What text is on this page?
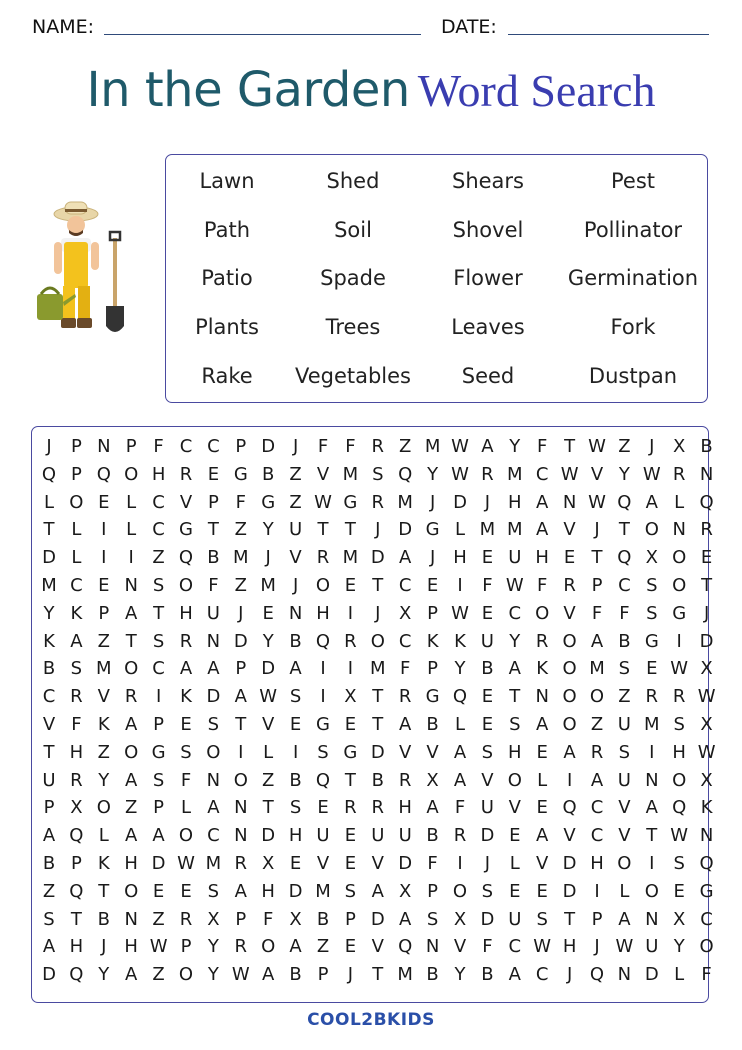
NAME:	DATE:
In the Garden Word Search
Lawn	Shed	Shears	Pest
Path	Soil	Shovel	Pollinator
Patio	Spade	Flower	Germination
Plants	Trees	Leaves	Fork
Rake	Vegetables	Seed	Dustpan
J	P N P F C C P D J	F F R Z M W A Y F T W Z	J	X B
Q P Q O H R E G B Z V M S Q Y W R M C W V Y W R N
L O E L C V P F G Z W G R M J D J H A N W Q A L Q
T L	I	L C G T Z Y U T T	J D G L M M A V	J	T O N R
D L	I	I	Z Q B M J	V R M D A	J H E U H E T Q X O E
M C E N S O F Z M J O E T C E	I	F W F R P C S O T
Y K P A T H U	J	E N H I	J	X P W E C O V F F S G J
K A Z T S R N D Y B Q R O C K K U Y R O A B G I D
B S M O C A A P D A	I	I M F P Y B A K O M S E W X
C R V R	I	K D A W S	I	X T R G Q E T N O O Z R R W
V F K A P E S T V E G E T A B L E S A O Z U M S X
T H Z O G S O I	L	I	S G D V V A S H E A R S	I H W
U R Y A S F N O Z B Q T B R X A V O L	I	A U N O X
P X O Z P L A N T S E R R H A F U V E Q C V A Q K
A Q L A A O C N D H U E U U B R D E A V C V T W N
B P K H D W M R X E V E V D F	I	J	L V D H O I	S Q
Z Q T O E E S A H D M S A X P O S E E D I	L O E G
S T B N Z R X P F X B P D A S X D U S T P A N X C
A H J H W P Y R O A Z E V Q N V F C W H J W U Y O
D Q Y A Z O Y W A B P	J	T M B Y B A C	J Q N D L F
COOL2BKIDS
